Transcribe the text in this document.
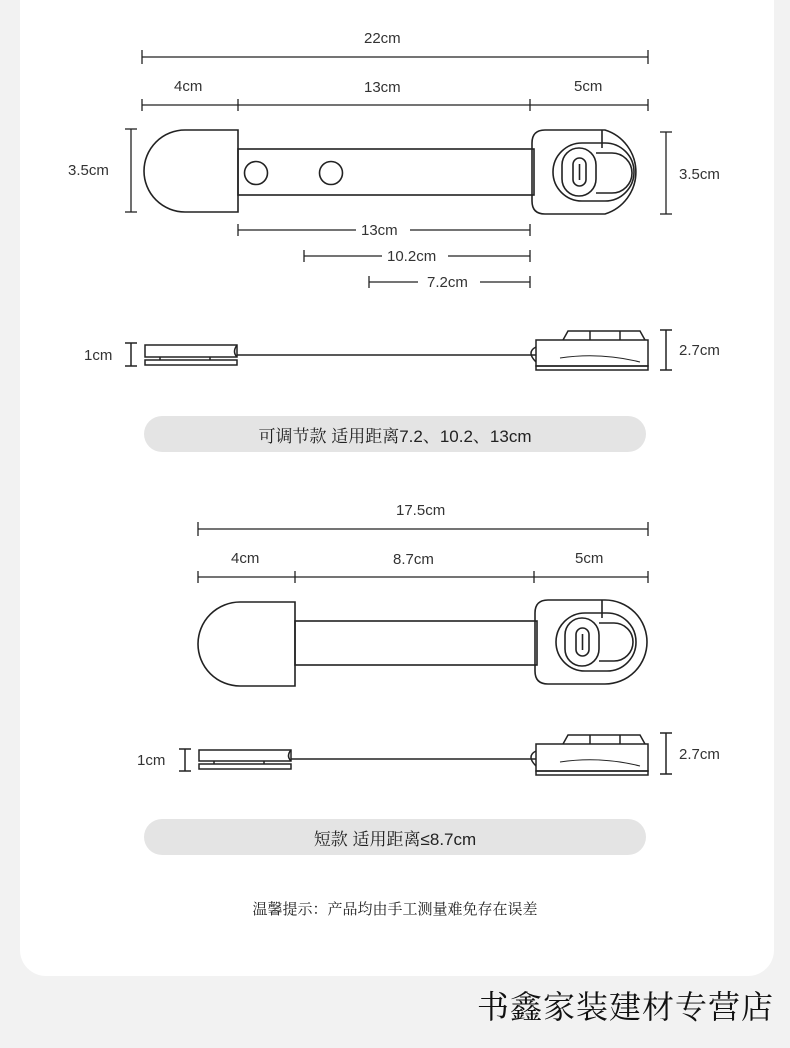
22cm
4cm	13cm	5cm
3.5cm	3.5cm
13cm
10.2cm
7.2cm
1cm	2.7cm
可调节款 适用距离7.2、10.2、13cm
17.5cm
4cm	8.7cm	5cm
1cm	2.7cm
短款 适用距离≤8.7cm
温馨提示：产品均由手工测量难免存在误差
书鑫家装建材专营店
